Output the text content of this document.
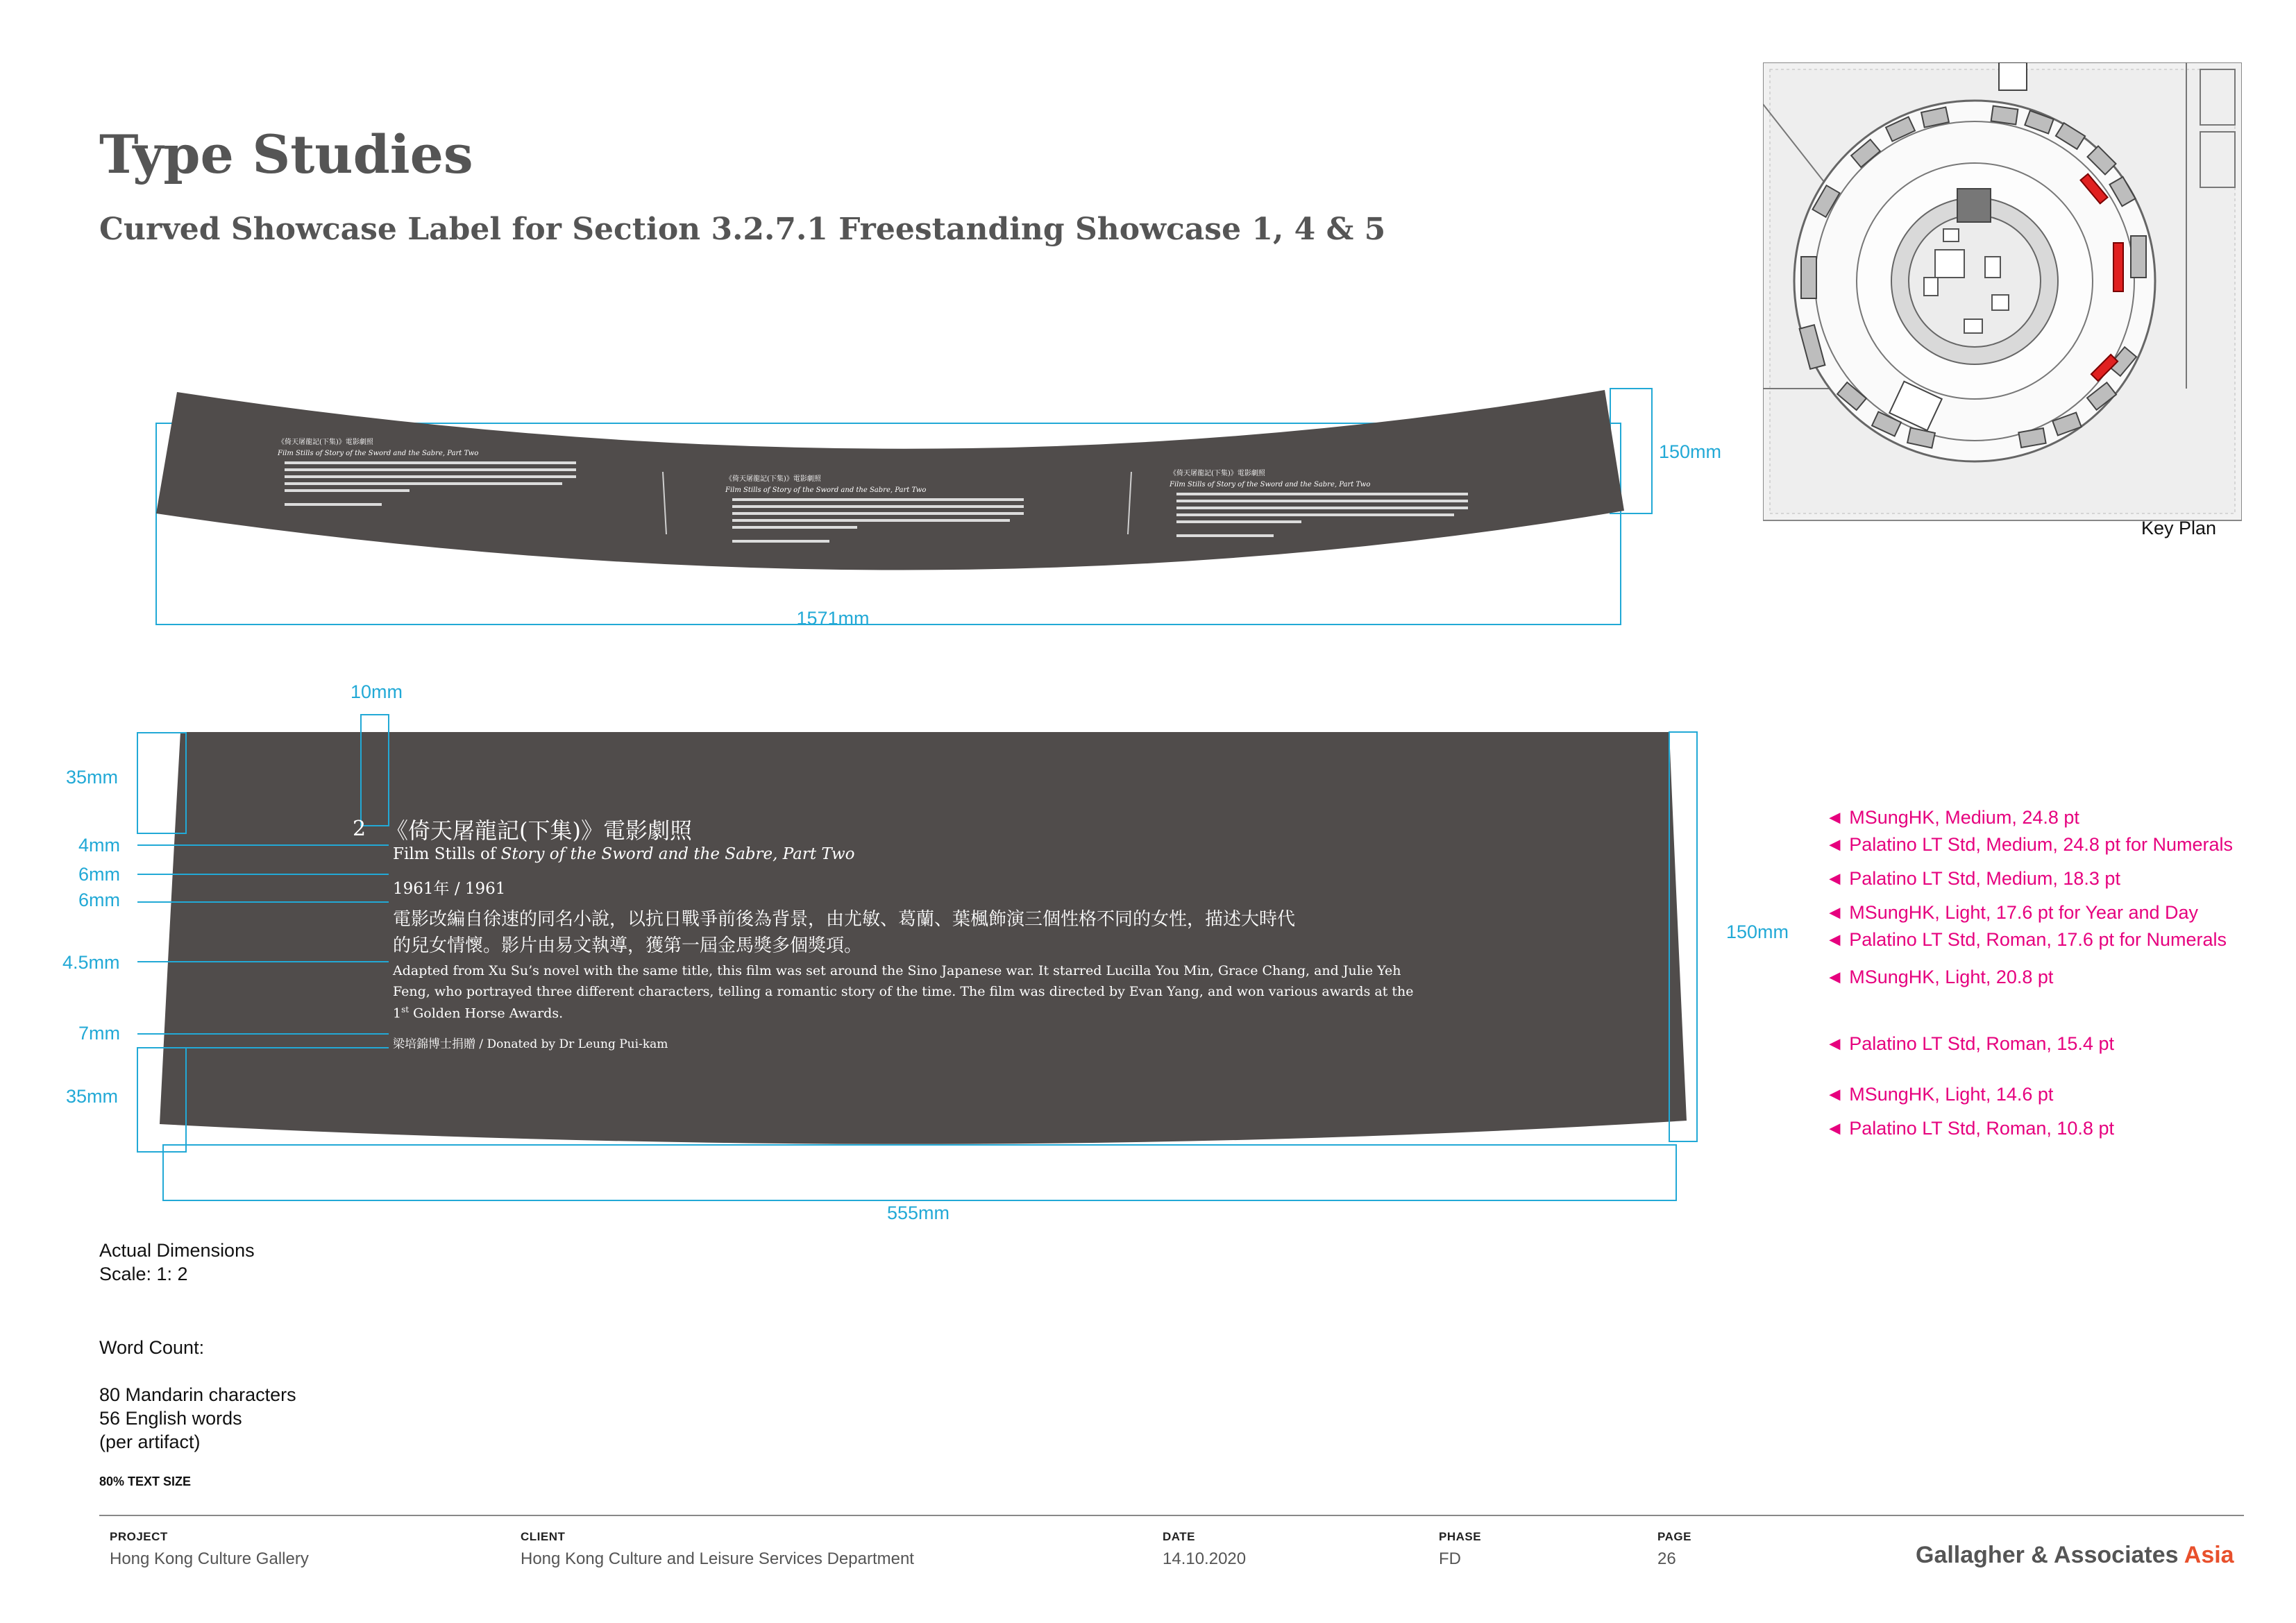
Type Studies
Curved Showcase Label for Section 3.2.7.1 Freestanding Showcase 1, 4 & 5
Key Plan
《倚天屠龍記(下集)》電影劇照
Film Stills of Story of the Sword and the Sabre, Part Two
《倚天屠龍記(下集)》電影劇照
Film Stills of Story of the Sword and the Sabre, Part Two
《倚天屠龍記(下集)》電影劇照
Film Stills of Story of the Sword and the Sabre, Part Two
1571mm
150mm
2 《倚天屠龍記(下集)》電影劇照
Film Stills of Story of the Sword and the Sabre, Part Two
1961年 / 1961
電影改編自徐速的同名小說，以抗日戰爭前後為背景，由尤敏、葛蘭、葉楓飾演三個性格不同的女性，描述大時代
的兒女情懷。影片由易文執導，獲第一屆金馬獎多個獎項。
Adapted from Xu Su’s novel with the same title, this film was set around the Sino Japanese war. It starred Lucilla You Min, Grace Chang, and Julie Yeh
Feng, who portrayed three different characters, telling a romantic story of the time. The film was directed by Evan Yang, and won various awards at the
1st Golden Horse Awards.
梁培錦博士捐贈 / Donated by Dr Leung Pui-kam
10mm
35mm
4mm
6mm
6mm
4.5mm
7mm
35mm
150mm
555mm
◄ MSungHK, Medium, 24.8 pt
◄ Palatino LT Std, Medium, 24.8 pt for Numerals
◄ Palatino LT Std, Medium, 18.3 pt
◄ MSungHK, Light, 17.6 pt for Year and Day
◄ Palatino LT Std, Roman, 17.6 pt for Numerals
◄ MSungHK, Light, 20.8 pt
◄ Palatino LT Std, Roman, 15.4 pt
◄ MSungHK, Light, 14.6 pt
◄ Palatino LT Std, Roman, 10.8 pt
Actual Dimensions
Scale: 1: 2
Word Count:
80 Mandarin characters
56 English words
(per artifact)
80% TEXT SIZE
PROJECT
Hong Kong Culture Gallery
CLIENT
Hong Kong Culture and Leisure Services Department
DATE
14.10.2020
PHASE
FD
PAGE
26	Gallagher & Associates Asia
